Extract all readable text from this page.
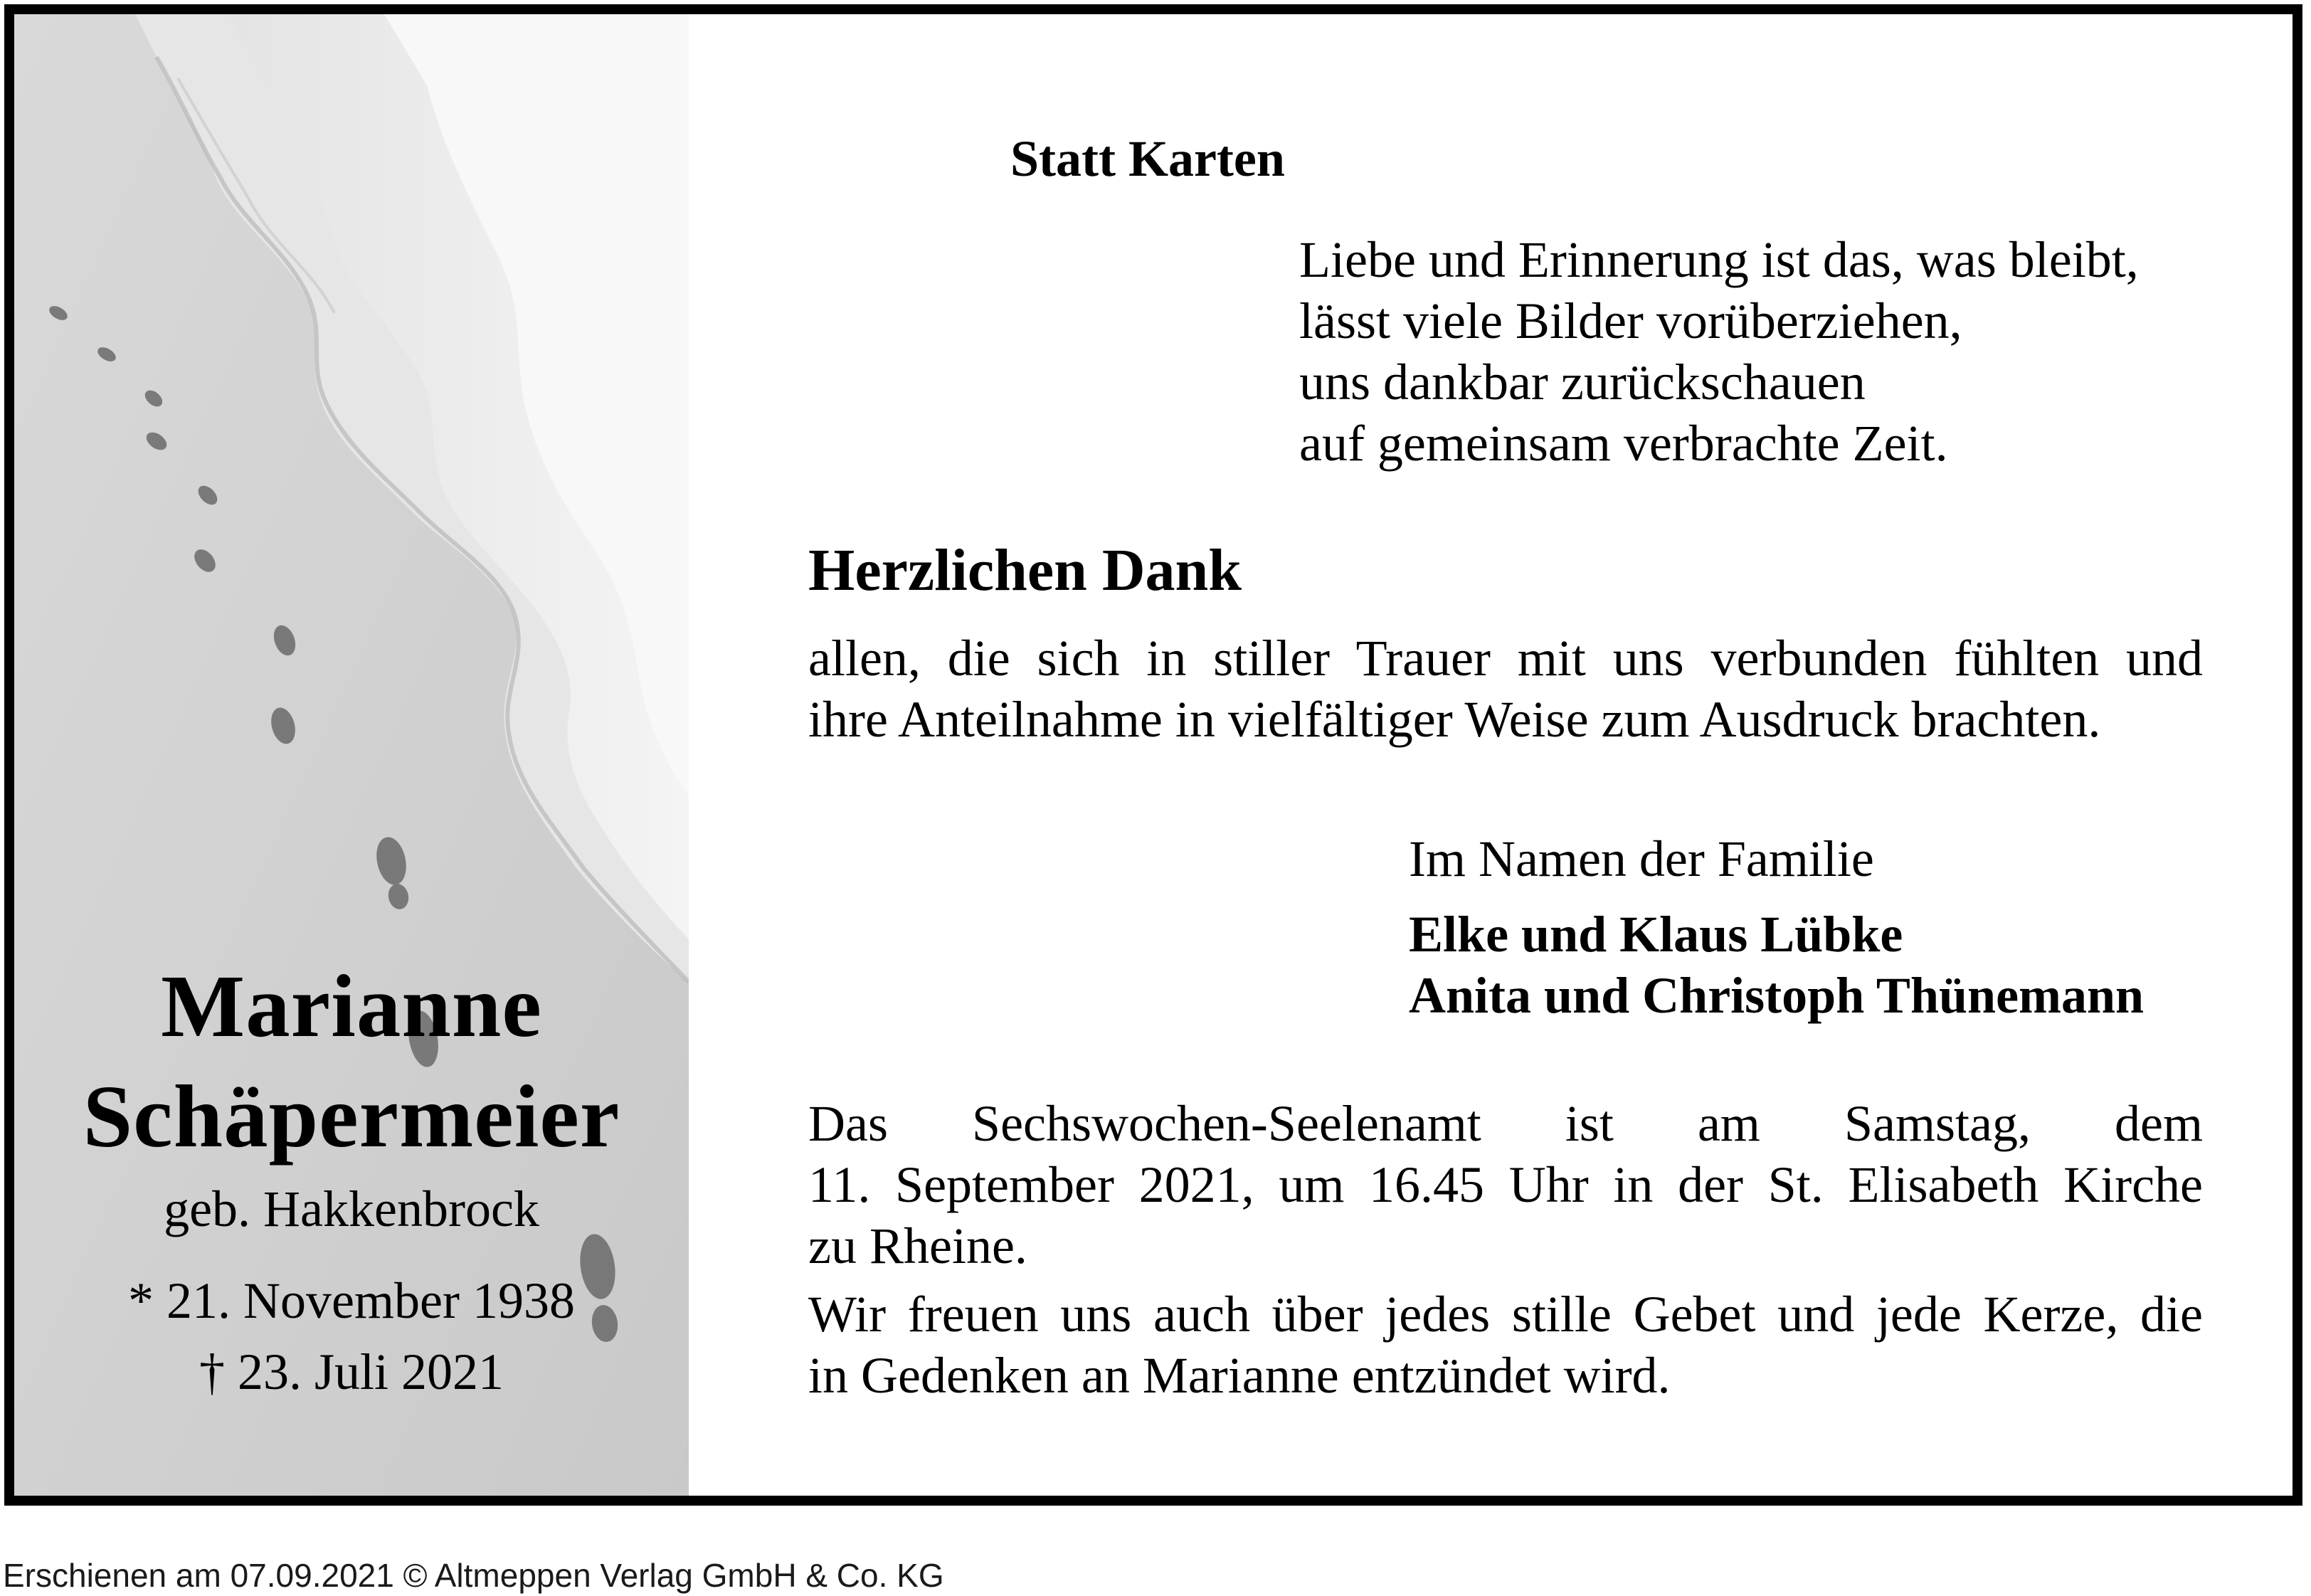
Marianne
Schäpermeier
geb. Hakkenbrock
* 21. November 1938
† 23. Juli 2021
Statt Karten
Liebe und Erinnerung ist das, was bleibt,
lässt viele Bilder vorüberziehen,
uns dankbar zurückschauen
auf gemeinsam verbrachte Zeit.
Herzlichen Dank
allen, die sich in stiller Trauer mit uns verbunden fühlten und
ihre Anteilnahme in vielfältiger Weise zum Ausdruck brachten.
Im Namen der Familie
Elke und Klaus Lübke
Anita und Christoph Thünemann
Das Sechswochen-Seelenamt ist am Samstag, dem
11. September 2021, um 16.45 Uhr in der St. Elisabeth Kirche
zu Rheine.
Wir freuen uns auch über jedes stille Gebet und jede Kerze, die
in Gedenken an Marianne entzündet wird.
Erschienen am 07.09.2021 © Altmeppen Verlag GmbH & Co. KG
